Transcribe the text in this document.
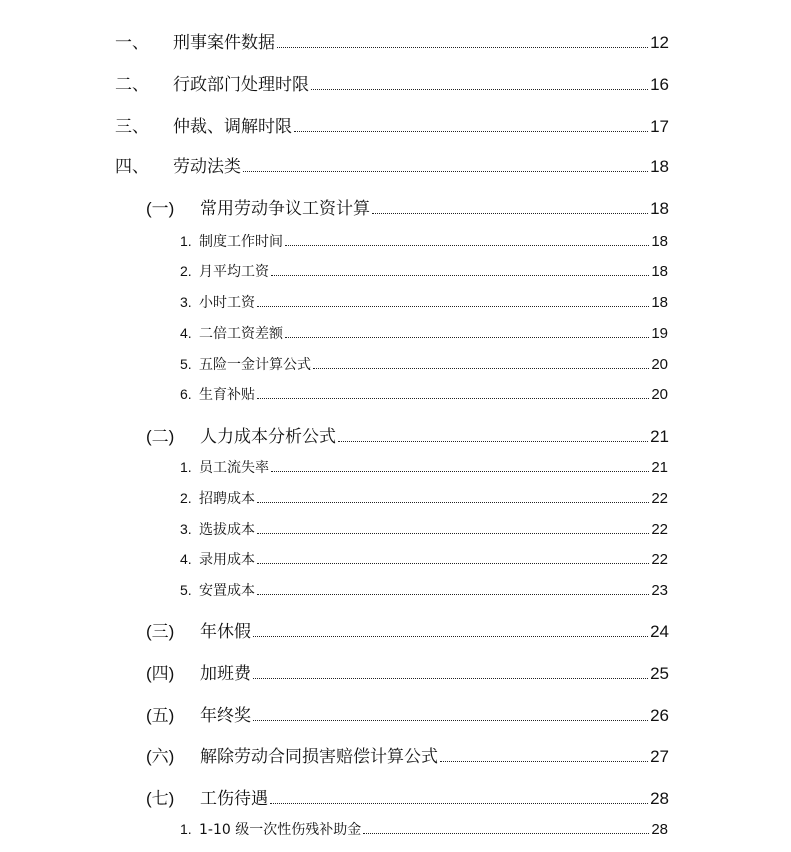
一、	刑事案件数据	12
二、	行政部门处理时限	16
三、	仲裁、调解时限	17
四、	劳动法类	18
(一)	常用劳动争议工资计算	18
1. 制度工作时间	18
2. 月平均工资	18
3. 小时工资	18
4. 二倍工资差额	19
5. 五险一金计算公式	20
6. 生育补贴	20
(二)	人力成本分析公式	21
1. 员工流失率	21
2. 招聘成本	22
3. 选拔成本	22
4. 录用成本	22
5. 安置成本	23
(三)	年休假	24
(四)	加班费	25
(五)	年终奖	26
(六)	解除劳动合同损害赔偿计算公式	27
(七)	工伤待遇	28
1. 1-10 级一次性伤残补助金	28
